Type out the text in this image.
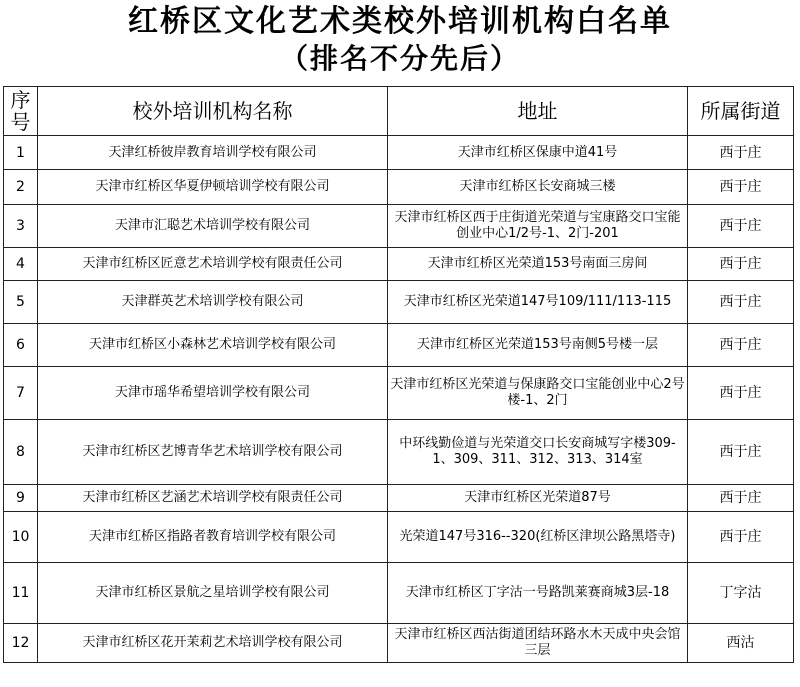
红桥区文化艺术类校外培训机构白名单
（排名不分先后）
序
号	校外培训机构名称	地址	所属街道
1	天津红桥彼岸教育培训学校有限公司	天津市红桥区保康中道41号	西于庄
2	天津市红桥区华夏伊顿培训学校有限公司	天津市红桥区长安商城三楼	西于庄
3	天津市汇聪艺术培训学校有限公司	天津市红桥区西于庄街道光荣道与宝康路交口宝能创业中心1/2号-1、2门-201	西于庄
4	天津市红桥区匠意艺术培训学校有限责任公司	天津市红桥区光荣道153号南面三房间	西于庄
5	天津群英艺术培训学校有限公司	天津市红桥区光荣道147号109/111/113-115	西于庄
6	天津市红桥区小森林艺术培训学校有限公司	天津市红桥区光荣道153号南侧5号楼一层	西于庄
7	天津市瑶华希望培训学校有限公司	天津市红桥区光荣道与保康路交口宝能创业中心2号楼-1、2门	西于庄
8	天津市红桥区艺博青华艺术培训学校有限公司	中环线勤俭道与光荣道交口长安商城写字楼309-1、309、311、312、313、314室	西于庄
9	天津市红桥区艺涵艺术培训学校有限责任公司	天津市红桥区光荣道87号	西于庄
10	天津市红桥区指路者教育培训学校有限公司	光荣道147号316--320(红桥区津坝公路黑塔寺)	西于庄
11	天津市红桥区景航之星培训学校有限公司	天津市红桥区丁字沽一号路凯莱赛商城3层-18	丁字沽
12	天津市红桥区花开茉莉艺术培训学校有限公司	天津市红桥区西沽街道团结环路水木天成中央会馆三层	西沽
